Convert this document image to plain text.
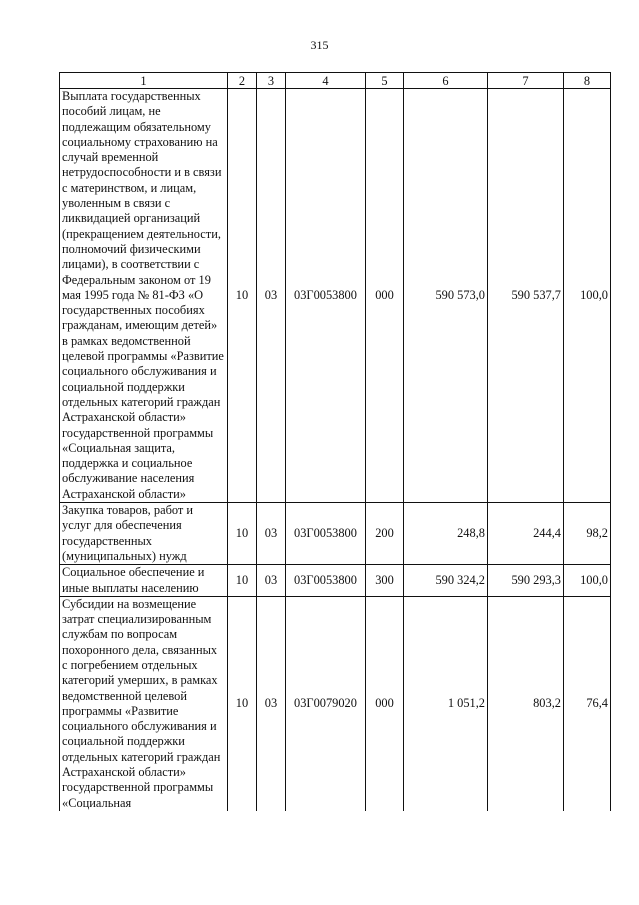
315
1	2	3	4	5	6	7	8
Выплата государственных пособий лицам, не подлежащим обязательному социальному страхованию на случай временной нетрудоспособности и в связи с материнством, и лицам, уволенным в связи с ликвидацией организаций (прекращением деятельности, полномочий физическими лицами), в соответствии с Федеральным законом от 19 мая 1995 года № 81-ФЗ «О государственных пособиях гражданам, имеющим детей» в рамках ведомственной целевой программы «Развитие социального обслуживания и социальной поддержки отдельных категорий граждан Астраханской области» государственной программы «Социальная защита, поддержка и социальное обслуживание населения Астраханской области»	10	03	03Г0053800	000	590 573,0	590 537,7	100,0
Закупка товаров, работ и услуг для обеспечения государственных (муниципальных) нужд	10	03	03Г0053800	200	248,8	244,4	98,2
Социальное обеспечение и иные выплаты населению	10	03	03Г0053800	300	590 324,2	590 293,3	100,0
Субсидии на возмещение затрат специализированным службам по вопросам похоронного дела, связанных с погребением отдельных категорий умерших, в рамках ведомственной целевой программы «Развитие социального обслуживания и социальной поддержки отдельных категорий граждан Астраханской области» государственной программы «Социальная	10	03	03Г0079020	000	1 051,2	803,2	76,4
